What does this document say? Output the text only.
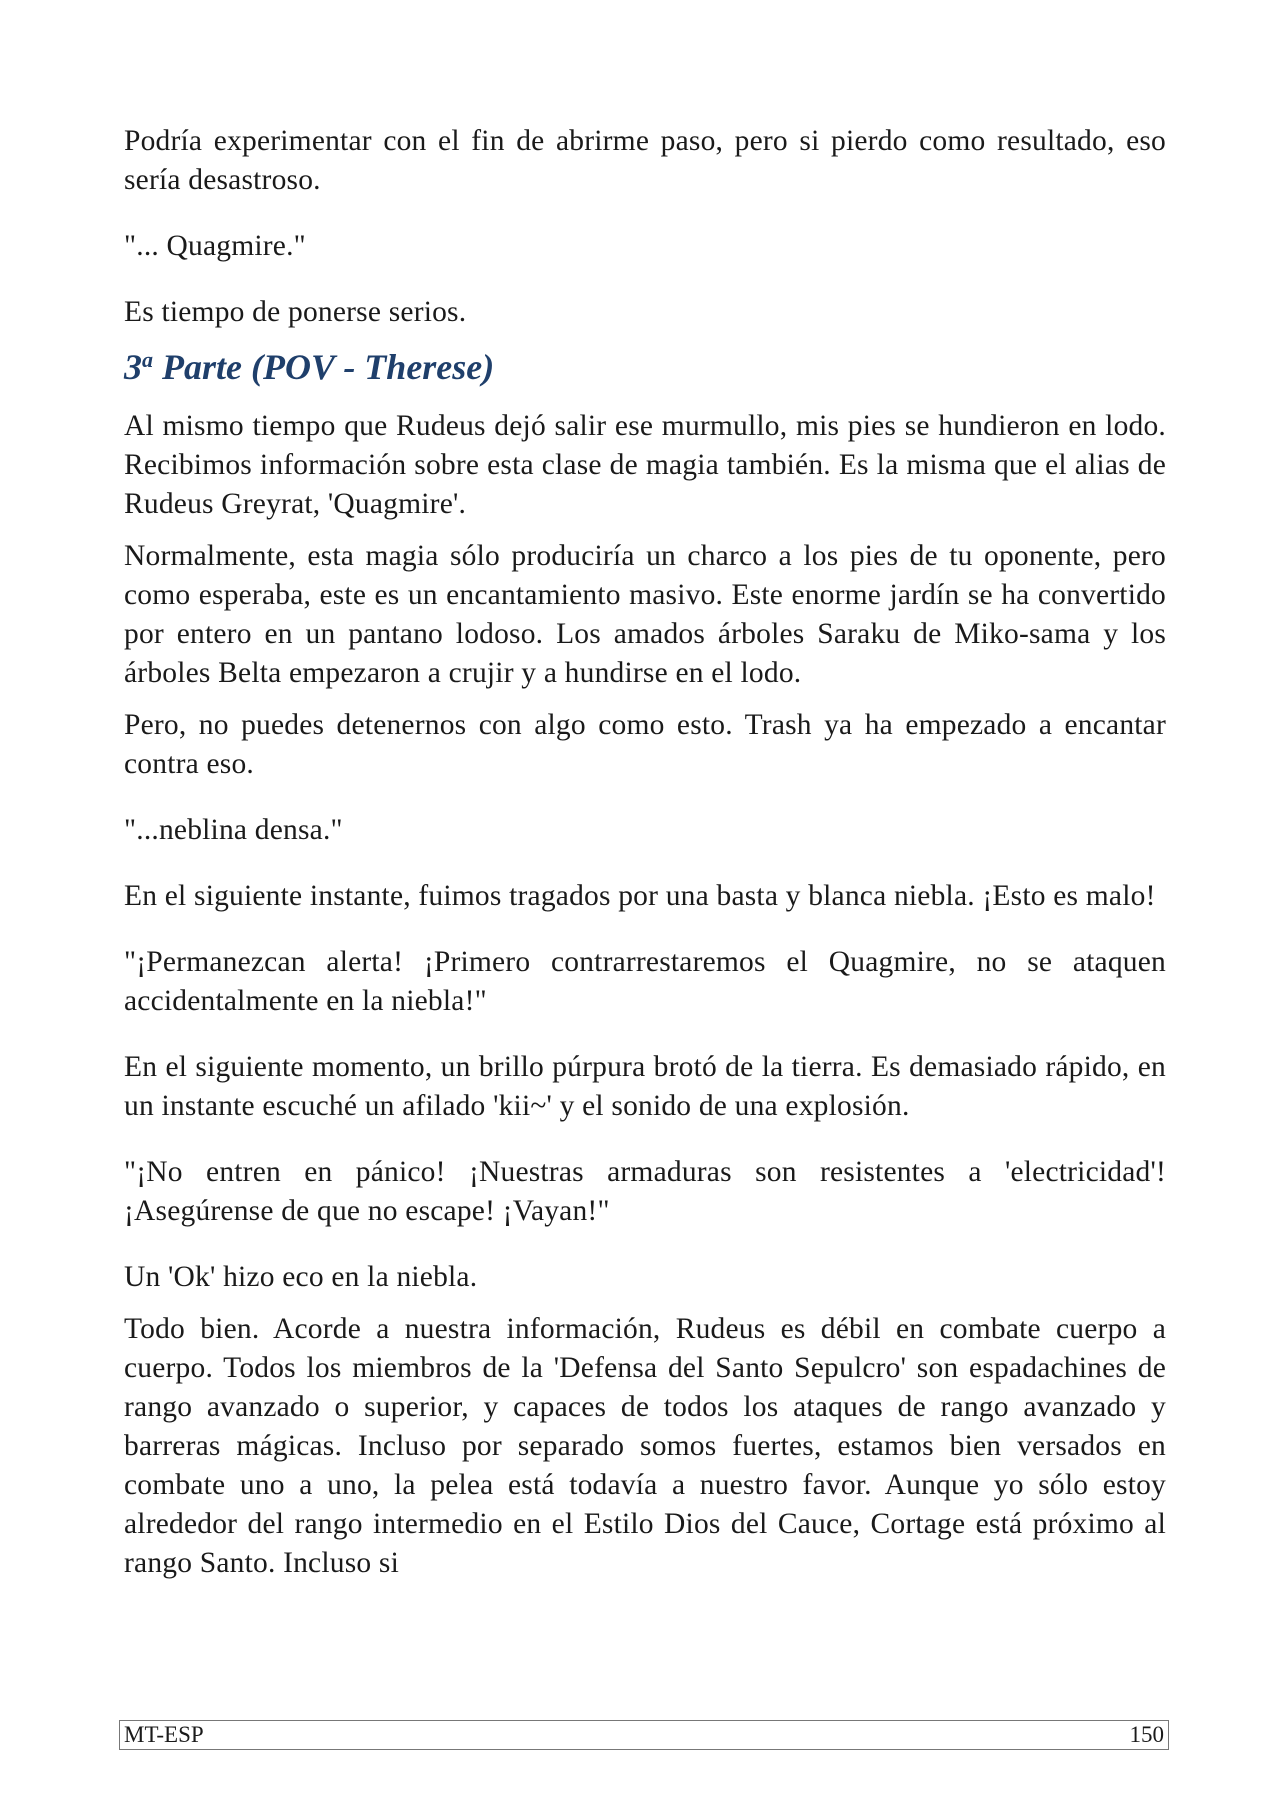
Podría experimentar con el fin de abrirme paso, pero si pierdo como resultado, eso sería desastroso.

"... Quagmire."

Es tiempo de ponerse serios.

3$^a$ Parte (POV - Therese)

Al mismo tiempo que Rudeus dejó salir ese murmullo, mis pies se hundieron en lodo. Recibimos información sobre esta clase de magia también. Es la misma que el alias de Rudeus Greyrat, 'Quagmire'.

Normalmente, esta magia sólo produciría un charco a los pies de tu oponente, pero como esperaba, este es un encantamiento masivo. Este enorme jardín se ha convertido por entero en un pantano lodoso. Los amados árboles Saraku de Miko-sama y los árboles Belta empezaron a crujir y a hundirse en el lodo.

Pero, no puedes detenernos con algo como esto. Trash ya ha empezado a encantar contra eso.

"...neblina densa."

En el siguiente instante, fuimos tragados por una basta y blanca niebla. ¡Esto es malo!

"¡Permanezcan alerta! ¡Primero contrarrestaremos el Quagmire, no se ataquen accidentalmente en la niebla!"

En el siguiente momento, un brillo púrpura brotó de la tierra. Es demasiado rápido, en un instante escuché un afilado 'kii~' y el sonido de una explosión.

"¡No entren en pánico! ¡Nuestras armaduras son resistentes a 'electricidad'! ¡Asegúrense de que no escape! ¡Vayan!"

Un 'Ok' hizo eco en la niebla.

Todo bien. Acorde a nuestra información, Rudeus es débil en combate cuerpo a cuerpo. Todos los miembros de la 'Defensa del Santo Sepulcro' son espadachines de rango avanzado o superior, y capaces de todos los ataques de rango avanzado y barreras mágicas. Incluso por separado somos fuertes, estamos bien versados en combate uno a uno, la pelea está todavía a nuestro favor. Aunque yo sólo estoy alrededor del rango intermedio en el Estilo Dios del Cauce, Cortage está próximo al rango Santo. Incluso si

MT-ESP	150
